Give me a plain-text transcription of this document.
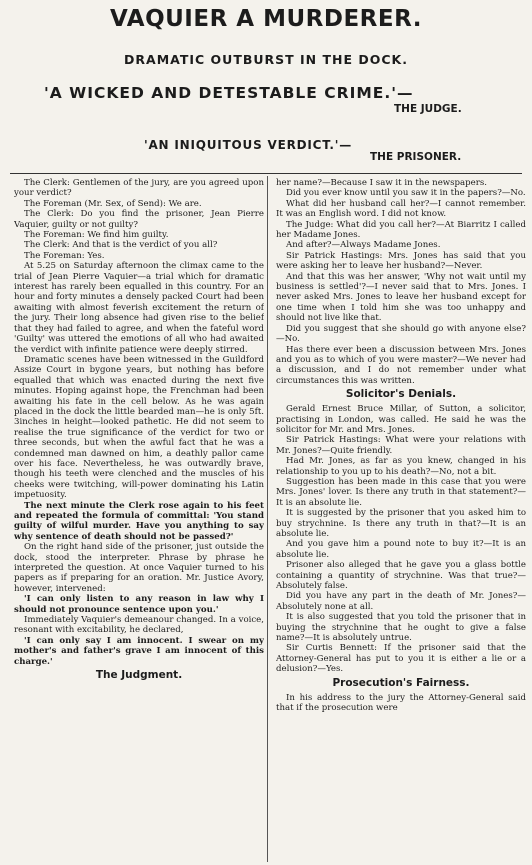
VAQUIER A MURDERER.
DRAMATIC OUTBURST IN THE DOCK.
'A WICKED AND DETESTABLE CRIME.'—
THE JUDGE.
'AN INIQUITOUS VERDICT.'—
THE PRISONER.

The Clerk: Gentlemen of the jury, are you agreed upon your verdict?

The Foreman (Mr. Sex, of Send): We are.

The Clerk: Do you find the prisoner, Jean Pierre Vaquier, guilty or not guilty?

The Foreman: We find him guilty.

The Clerk: And that is the verdict of you all?

The Foreman: Yes.

At 5.25 on Saturday afternoon the climax came to the trial of Jean Pierre Vaquier—a trial which for dramatic interest has rarely been equalled in this country. For an hour and forty minutes a densely packed Court had been awaiting with almost feverish excitement the return of the jury. Their long absence had given rise to the belief that they had failed to agree, and when the fateful word 'Guilty' was uttered the emotions of all who had awaited the verdict with infinite patience were deeply stirred.

Dramatic scenes have been witnessed in the Guildford Assize Court in bygone years, but nothing has before equalled that which was enacted during the next five minutes. Hoping against hope, the Frenchman had been awaiting his fate in the cell below. As he was again placed in the dock the little bearded man—he is only 5ft. 3inches in height—looked pathetic. He did not seem to realise the true significance of the verdict for two or three seconds, but when the awful fact that he was a condemned man dawned on him, a deathly pallor came over his face. Nevertheless, he was outwardly brave, though his teeth were clenched and the muscles of his cheeks were twitching, will-power dominating his Latin impetuosity.

The next minute the Clerk rose again to his feet and repeated the formula of committal: 'You stand guilty of wilful murder. Have you anything to say why sentence of death should not be passed?'

On the right hand side of the prisoner, just outside the dock, stood the interpreter. Phrase by phrase he interpreted the question. At once Vaquier turned to his papers as if preparing for an oration. Mr. Justice Avory, however, intervened:

'I can only listen to any reason in law why I should not pronounce sentence upon you.'

Immediately Vaquier's demeanour changed. In a voice, resonant with excitability, he declared,

'I can only say I am innocent. I swear on my mother's and father's grave I am innocent of this charge.'

The Judgment.

her name?—Because I saw it in the newspapers.

Did you ever know until you saw it in the papers?—No.

What did her husband call her?—I cannot remember. It was an English word. I did not know.

The Judge: What did you call her?—At Biarritz I called her Madame Jones.

And after?—Always Madame Jones.

Sir Patrick Hastings: Mrs. Jones has said that you were asking her to leave her husband?—Never.

And that this was her answer, 'Why not wait until my business is settled'?—I never said that to Mrs. Jones. I never asked Mrs. Jones to leave her husband except for one time when I told him she was too unhappy and should not live like that.

Did you suggest that she should go with anyone else?—No.

Has there ever been a discussion between Mrs. Jones and you as to which of you were master?—We never had a discussion, and I do not remember under what circumstances this was written.

Solicitor's Denials.

Gerald Ernest Bruce Millar, of Sutton, a solicitor, practising in London, was called. He said he was the solicitor for Mr. and Mrs. Jones.

Sir Patrick Hastings: What were your relations with Mr. Jones?—Quite friendly.

Had Mr. Jones, as far as you knew, changed in his relationship to you up to his death?—No, not a bit.

Suggestion has been made in this case that you were Mrs. Jones' lover. Is there any truth in that statement?—It is an absolute lie.

It is suggested by the prisoner that you asked him to buy strychnine. Is there any truth in that?—It is an absolute lie.

And you gave him a pound note to buy it?—It is an absolute lie.

Prisoner also alleged that he gave you a glass bottle containing a quantity of strychnine. Was that true?—Absolutely false.

Did you have any part in the death of Mr. Jones?—Absolutely none at all.

It is also suggested that you told the prisoner that in buying the strychnine that he ought to give a false name?—It is absolutely untrue.

Sir Curtis Bennett: If the prisoner said that the Attorney-General has put to you it is either a lie or a delusion?—Yes.

Prosecution's Fairness.

In his address to the jury the Attorney-General said that if the prosecution were
